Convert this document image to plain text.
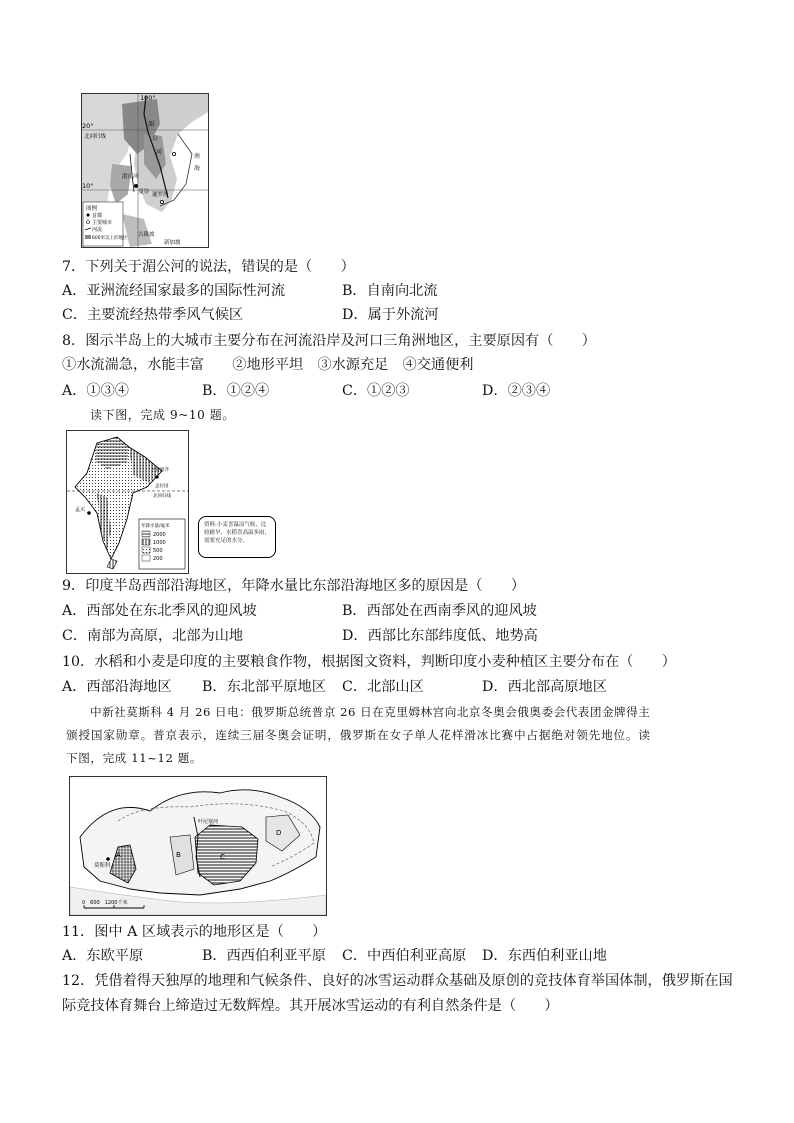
20°
10°
100°
北回归线
湄
公
河
曼谷
湄南河
南
海
暹罗湾
吉隆坡
新加坡
图例
首都
主要城市
河流
600米以上的地区
7．下列关于湄公河的说法，错误的是（　　）
A．亚洲流经国家最多的国际性河流	B．自南向北流
C．主要流经热带季风气候区	D．属于外流河
8．图示半岛上的大城市主要分布在河流沿岸及河口三角洲地区，主要原因有（　　）
①水流湍急，水能丰富　　②地形平坦　③水源充足　④交通便利
A．①③④	B．①②④	C．①②③	D．②③④
读下图，完成 9~10 题。
孟买
孟拉国
北回归线
乞拉朋齐
年降水量/毫米
2000
1000
500
200
资料:小麦喜温凉气候，比较耐旱，水稻喜高温多雨，需要充足的水分。
9．印度半岛西部沿海地区，年降水量比东部沿海地区多的原因是（　　）
A．西部处在东北季风的迎风坡	B．西部处在西南季风的迎风坡
C．南部为高原，北部为山地	D．西部比东部纬度低、地势高
10．水稻和小麦是印度的主要粮食作物，根据图文资料，判断印度小麦种植区主要分布在（　　）
A．西部沿海地区 B．东北部平原地区 C．北部山区	D．西北部高原地区
中新社莫斯科 4 月 26 日电：俄罗斯总统普京 26 日在克里姆林宫向北京冬奥会俄奥委会代表团金牌得主
颁授国家勋章。普京表示，连续三届冬奥会证明，俄罗斯在女子单人花样滑冰比赛中占据绝对领先地位。读
下图，完成 11~12 题。
A
莫斯科
B	C
叶尼塞河
D
0　600　1200千米
11．图中 A 区域表示的地形区是（　　）
A．东欧平原	B．西西伯利亚平原 C．中西伯利亚高原 D．东西伯利亚山地
12．凭借着得天独厚的地理和气候条件、良好的冰雪运动群众基础及原创的竞技体育举国体制，俄罗斯在国
际竞技体育舞台上缔造过无数辉煌。其开展冰雪运动的有利自然条件是（　　）
